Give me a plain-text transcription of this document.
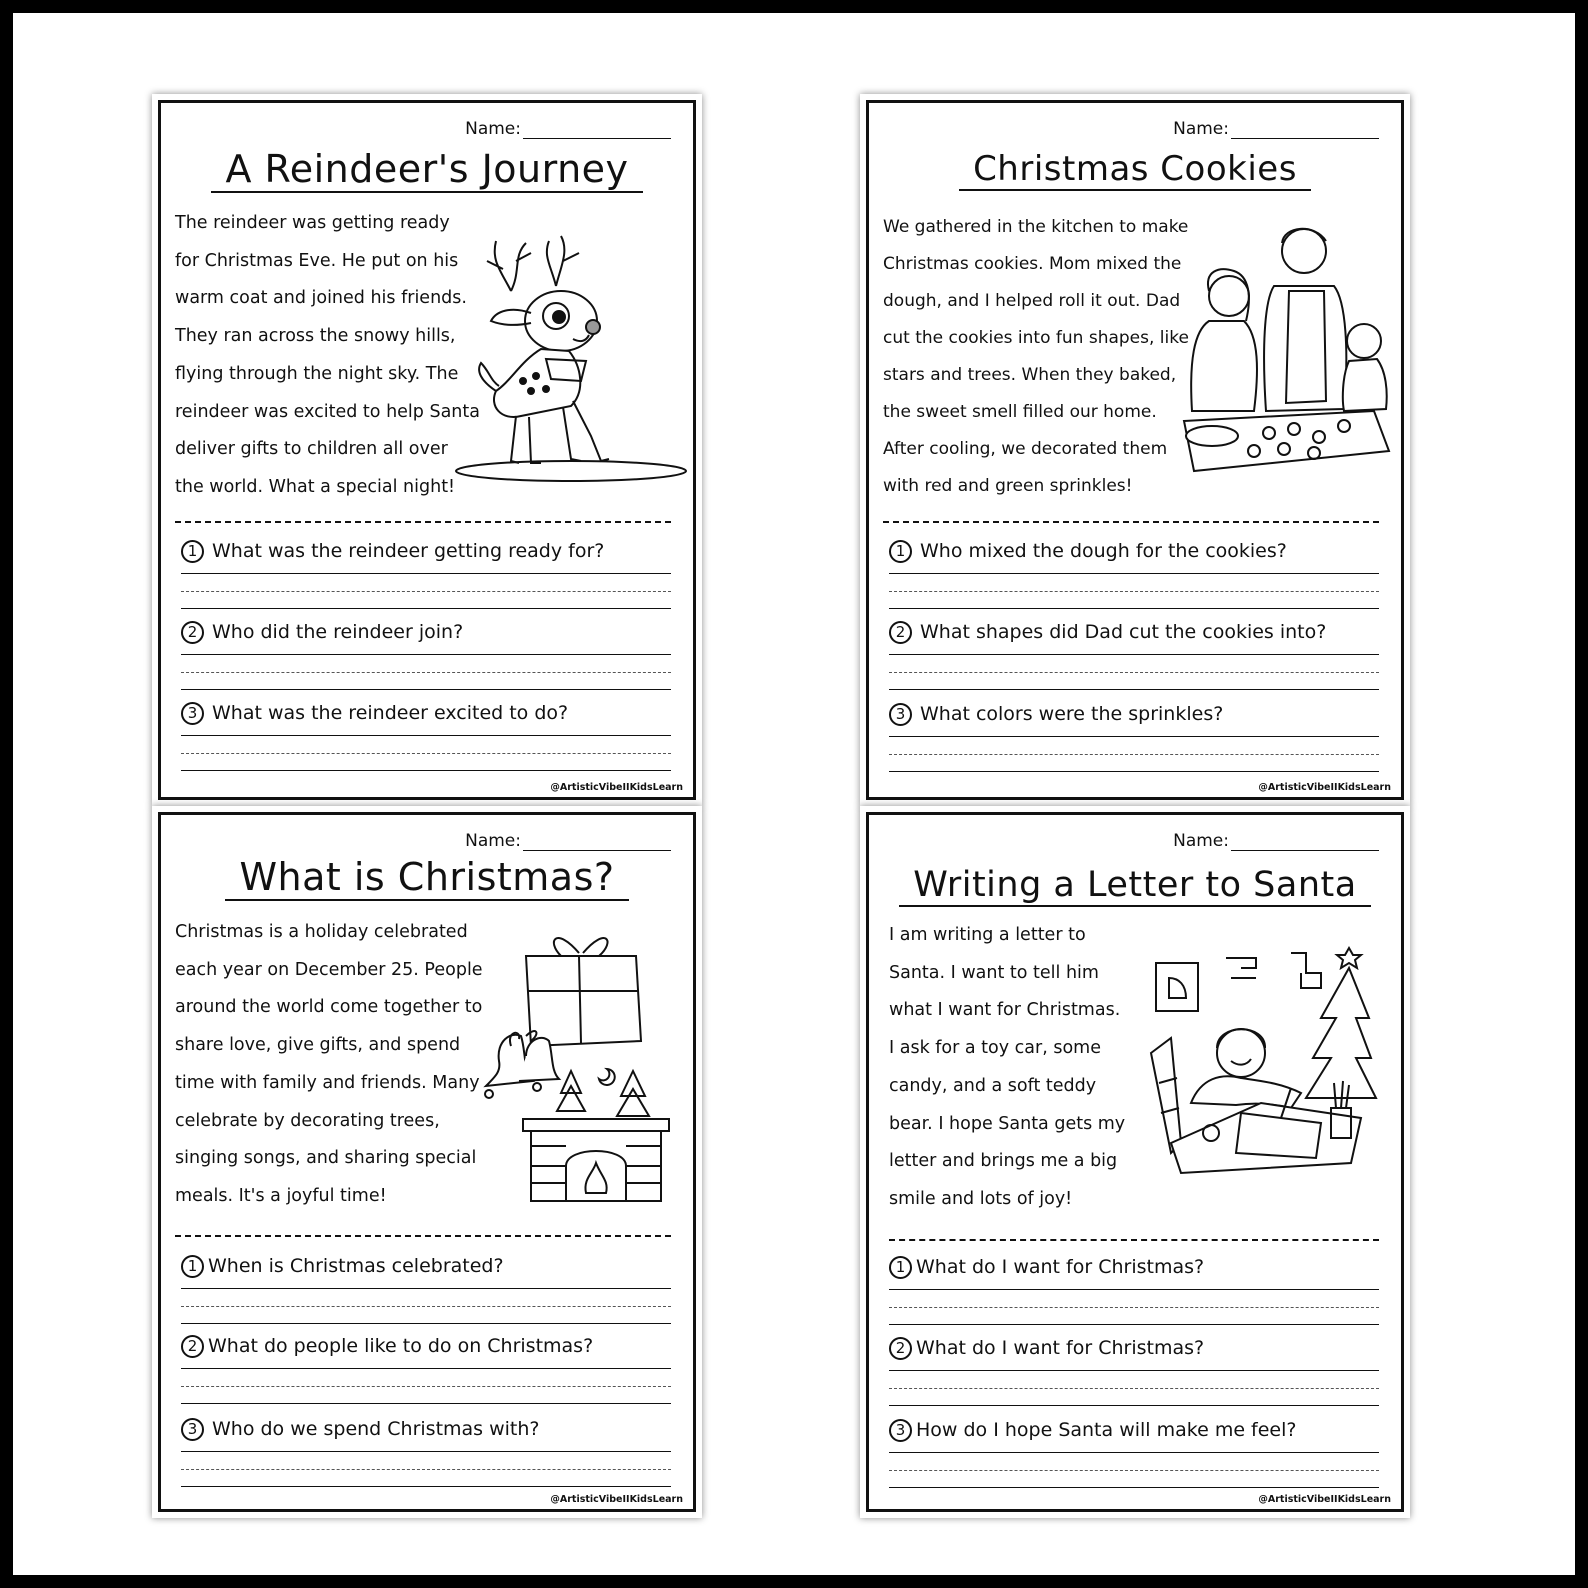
Name:
A Reindeer's Journey

The reindeer was getting ready

for Christmas Eve. He put on his

warm coat and joined his friends.

They ran across the snowy hills,

flying through the night sky. The

reindeer was excited to help Santa

deliver gifts to children all over

the world. What a special night!

1 What was the reindeer getting ready for?
2 Who did the reindeer join?
3 What was the reindeer excited to do?
@ArtisticVibeIIKidsLearn
Name:
Christmas Cookies

We gathered in the kitchen to make

Christmas cookies. Mom mixed the

dough, and I helped roll it out. Dad

cut the cookies into fun shapes, like

stars and trees. When they baked,

the sweet smell filled our home.

After cooling, we decorated them

with red and green sprinkles!

1 Who mixed the dough for the cookies?
2 What shapes did Dad cut the cookies into?
3 What colors were the sprinkles?
@ArtisticVibeIIKidsLearn
Name:
What is Christmas?

Christmas is a holiday celebrated

each year on December 25. People

around the world come together to

share love, give gifts, and spend

time with family and friends. Many

celebrate by decorating trees,

singing songs, and sharing special

meals. It's a joyful time!

1 When is Christmas celebrated?
2 What do people like to do on Christmas?
3 Who do we spend Christmas with?
@ArtisticVibeIIKidsLearn
Name:
Writing a Letter to Santa

I am writing a letter to

Santa. I want to tell him

what I want for Christmas.

I ask for a toy car, some

candy, and a soft teddy

bear. I hope Santa gets my

letter and brings me a big

smile and lots of joy!

1 What do I want for Christmas?
2 What do I want for Christmas?
3 How do I hope Santa will make me feel?
@ArtisticVibeIIKidsLearn
